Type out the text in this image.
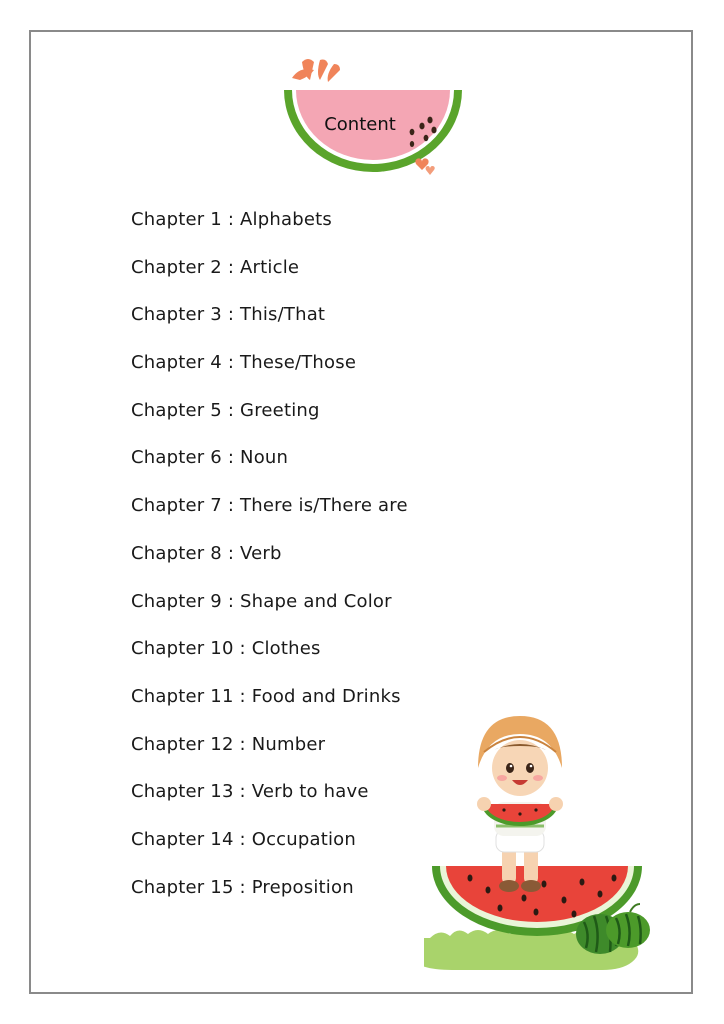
Content
Chapter 1 : Alphabets
Chapter 2 : Article
Chapter 3 : This/That
Chapter 4 : These/Those
Chapter 5 : Greeting
Chapter 6 : Noun
Chapter 7 : There is/There are
Chapter 8 : Verb
Chapter 9 : Shape and Color
Chapter 10 : Clothes
Chapter 11 : Food and Drinks
Chapter 12 : Number
Chapter 13 : Verb to have
Chapter 14 : Occupation
Chapter 15 : Preposition
